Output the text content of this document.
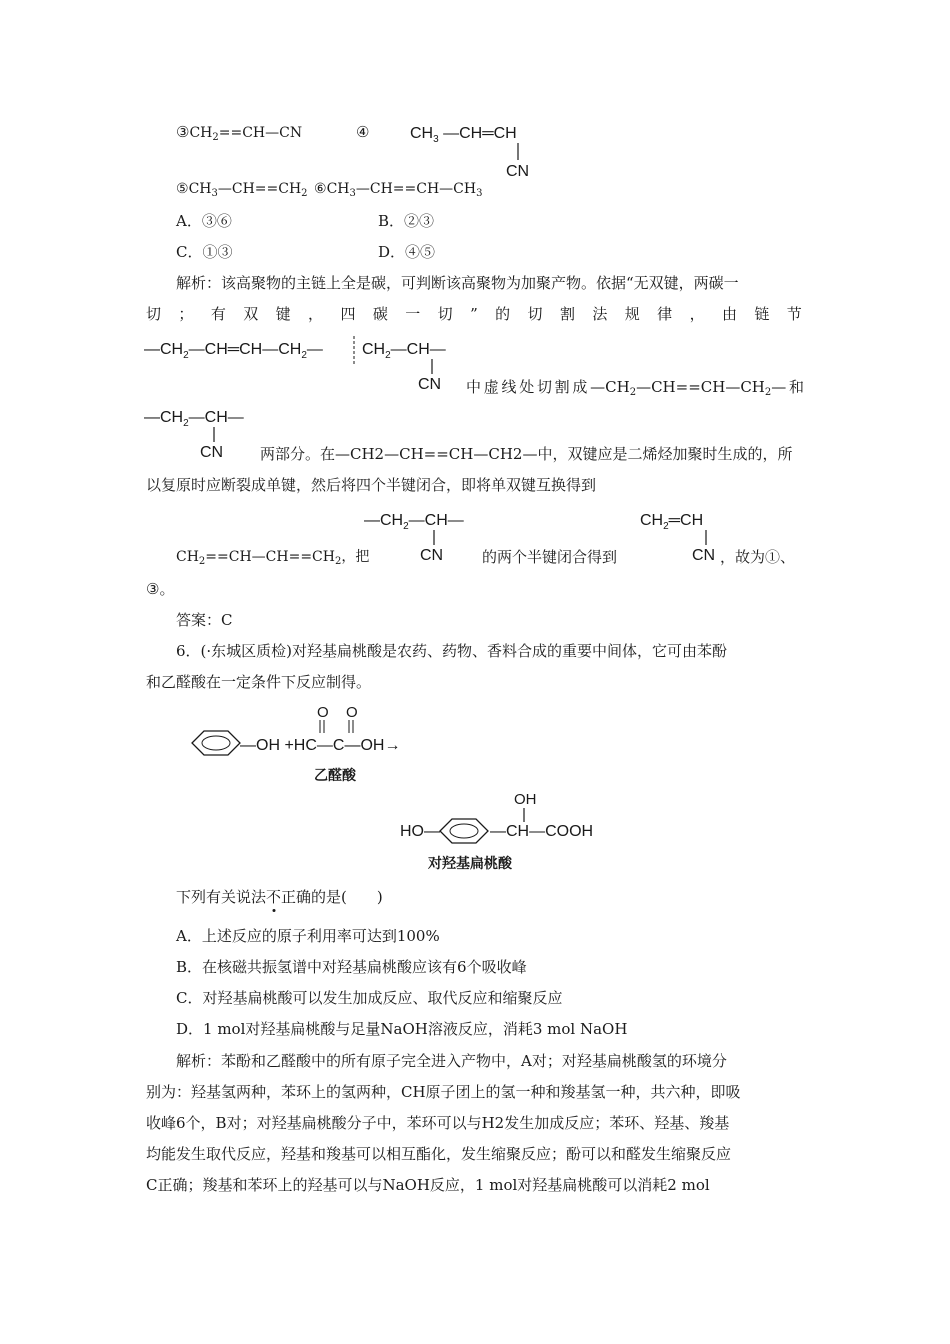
$③CH_2==CH—CN$	④	$CH_3$ —CH═CH
CN
$⑤CH_3—CH==CH_2$ $⑥CH_3—CH==CH—CH_3$
A．③⑥	B．②③
C．①③	D．④⑤
解析：该高聚物的主链上全是碳，可判断该高聚物为加聚产物。依据“无双键，两碳一
切 ； 有 双 键 ， 四 碳 一 切 ” 的 切 割 法 规 律 ， 由 链 节
$—CH_2—CH═CH—CH_2—$ $CH_2—CH—$
CN 中 虚 线 处 切 割 成 $—CH_2—CH==CH—CH_2—$ 和
$—CH_2—CH—$
CN 两部分。在—CH2—CH==CH—CH2—中，双键应是二烯烃加聚时生成的，所
以复原时应断裂成单键，然后将四个半键闭合，即将单双键互换得到
$—CH_2—CH—$
CN
$CH_2═CH$
CN
$CH_2==CH—CH==CH_2$，把	的两个半键闭合得到	，故为①、
③。
答案：C
6．(·东城区质检)对羟基扁桃酸是农药、药物、香料合成的重要中间体，它可由苯酚
和乙醛酸在一定条件下反应制得。
—OH +HC—C—OH→
O O
乙醛酸
OH
HO—	—CH—COOH
对羟基扁桃酸
下列有关说法不正确的是(　　)
A．上述反应的原子利用率可达到100%
B．在核磁共振氢谱中对羟基扁桃酸应该有6个吸收峰
C．对羟基扁桃酸可以发生加成反应、取代反应和缩聚反应
D．1 mol对羟基扁桃酸与足量NaOH溶液反应，消耗3 mol NaOH
解析：苯酚和乙醛酸中的所有原子完全进入产物中，A对；对羟基扁桃酸氢的环境分
别为：羟基氢两种，苯环上的氢两种，CH原子团上的氢一种和羧基氢一种，共六种，即吸
收峰6个，B对；对羟基扁桃酸分子中，苯环可以与H2发生加成反应；苯环、羟基、羧基
均能发生取代反应，羟基和羧基可以相互酯化，发生缩聚反应；酚可以和醛发生缩聚反应
C正确；羧基和苯环上的羟基可以与NaOH反应，1 mol对羟基扁桃酸可以消耗2 mol
